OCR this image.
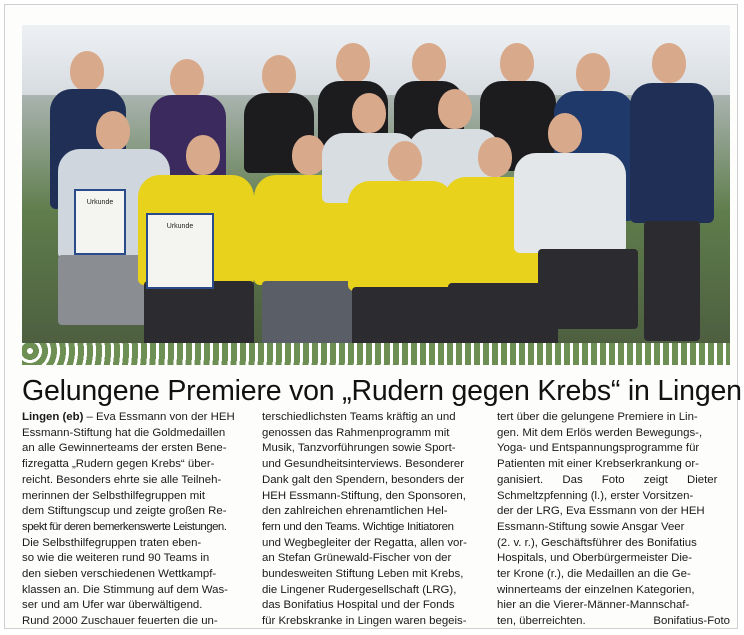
Urkunde
Urkunde
Gelungene Premiere von „Rudern gegen Krebs“ in Lingen
Lingen (eb) – Eva Essmann von der HEH
Essmann-Stiftung hat die Goldmedaillen
an alle Gewinnerteams der ersten Bene-
fizregatta „Rudern gegen Krebs“ über-
reicht. Besonders ehrte sie alle Teilneh-
merinnen der Selbsthilfegruppen mit
dem Stiftungscup und zeigte großen Re-
spekt für deren bemerkenswerte Leistungen.
Die Selbsthilfegruppen traten eben-
so wie die weiteren rund 90 Teams in
den sieben verschiedenen Wettkampf-
klassen an. Die Stimmung auf dem Was-
ser und am Ufer war überwältigend.
Rund 2000 Zuschauer feuerten die un-
terschiedlichsten Teams kräftig an und
genossen das Rahmenprogramm mit
Musik, Tanzvorführungen sowie Sport-
und Gesundheitsinterviews. Besonderer
Dank galt den Spendern, besonders der
HEH Essmann-Stiftung, den Sponsoren,
den zahlreichen ehrenamtlichen Hel-
fern und den Teams. Wichtige Initiatoren
und Wegbegleiter der Regatta, allen vor-
an Stefan Grünewald-Fischer von der
bundesweiten Stiftung Leben mit Krebs,
die Lingener Rudergesellschaft (LRG),
das Bonifatius Hospital und der Fonds
für Krebskranke in Lingen waren begeis-
tert über die gelungene Premiere in Lin-
gen. Mit dem Erlös werden Bewegungs-,
Yoga- und Entspannungsprogramme für
Patienten mit einer Krebserkrankung or-
ganisiert. Das Foto zeigt Dieter
Schmeltzpfenning (l.), erster Vorsitzen-
der der LRG, Eva Essmann von der HEH
Essmann-Stiftung sowie Ansgar Veer
(2. v. r.), Geschäftsführer des Bonifatius
Hospitals, und Oberbürgermeister Die-
ter Krone (r.), die Medaillen an die Ge-
winnerteams der einzelnen Kategorien,
hier an die Vierer-Männer-Mannschaf-
ten, überreichten.	Bonifatius-Foto
